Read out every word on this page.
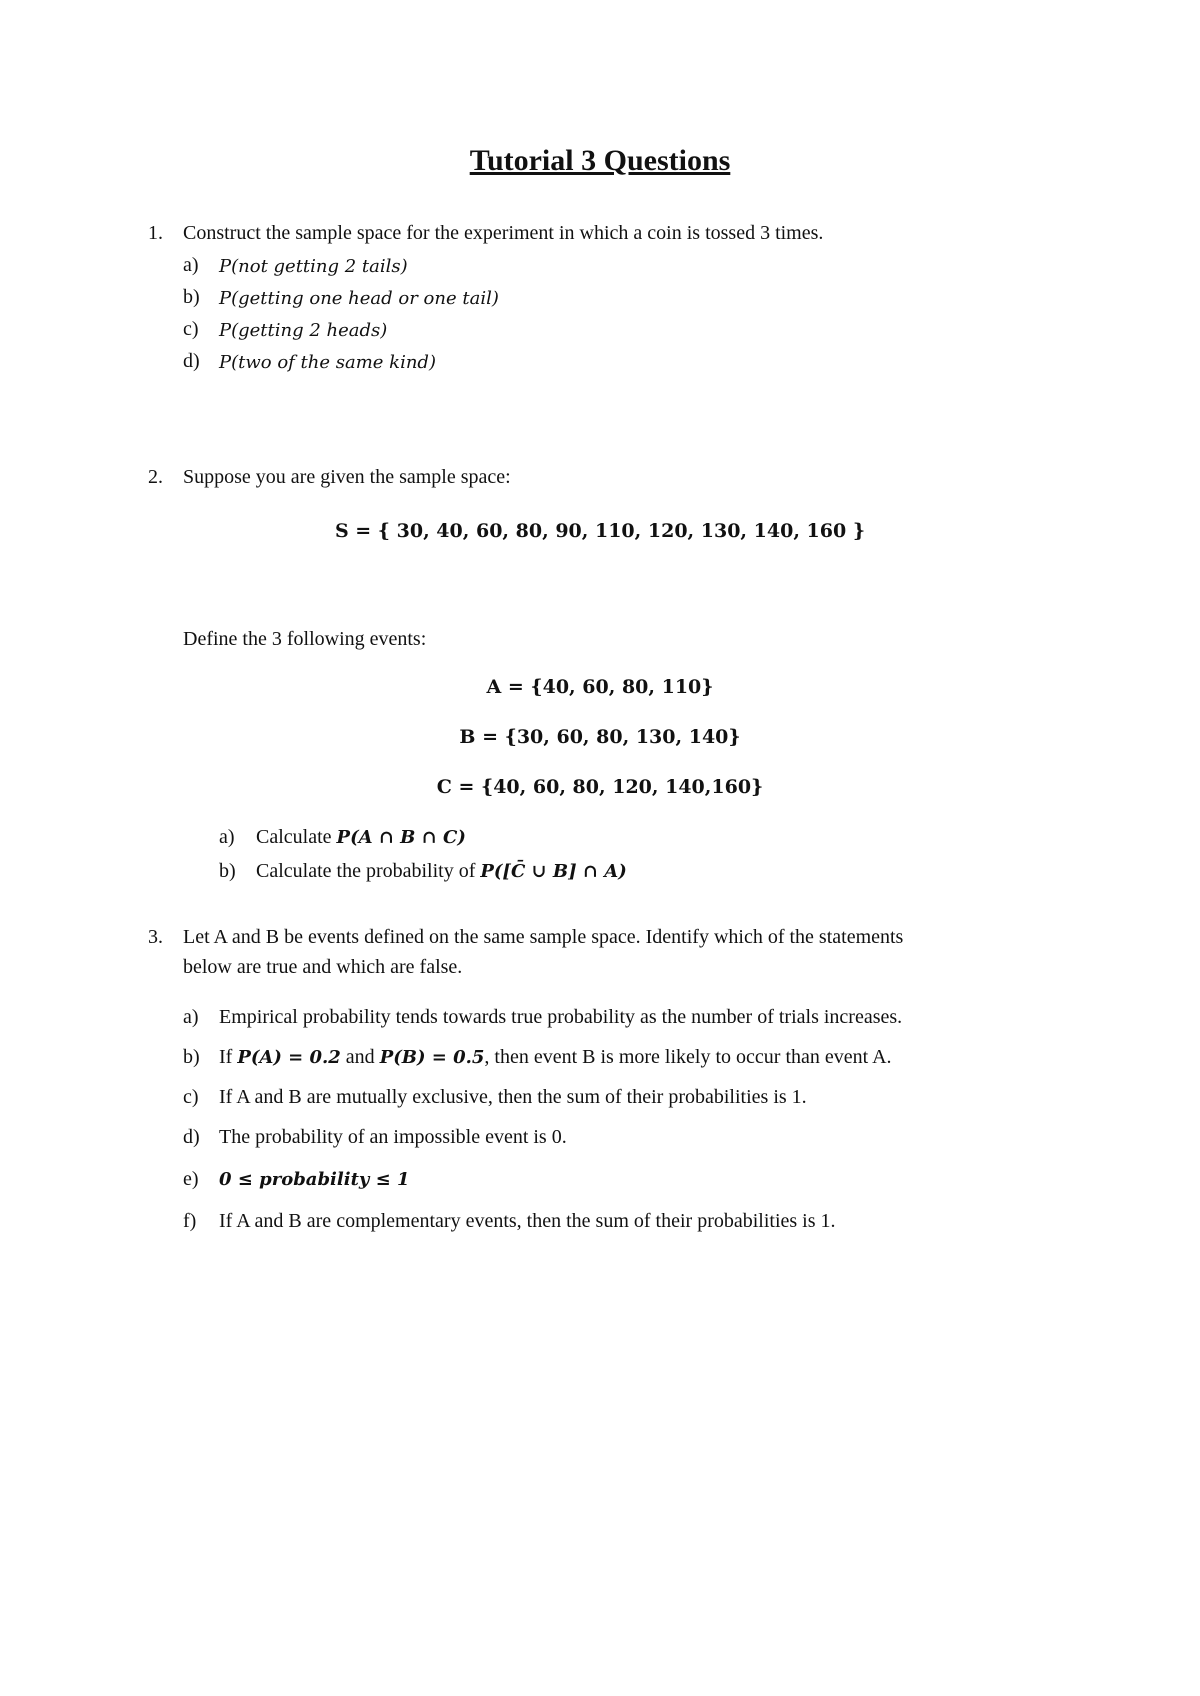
Tutorial 3 Questions
1. Construct the sample space for the experiment in which a coin is tossed 3 times.
a) P(not getting 2 tails)
b) P(getting one head or one tail)
c) P(getting 2 heads)
d) P(two of the same kind)
2. Suppose you are given the sample space:
S = { 30, 40, 60, 80, 90, 110, 120, 130, 140, 160 }
Define the 3 following events:
A = {40, 60, 80, 110}
B = {30, 60, 80, 130, 140}
C = {40, 60, 80, 120, 140,160}
a) Calculate P(A ∩ B ∩ C)
b) Calculate the probability of P([C̄ ∪ B] ∩ A)
3. Let A and B be events defined on the same sample space. Identify which of the statements
below are true and which are false.
a) Empirical probability tends towards true probability as the number of trials increases.
b) If P(A) = 0.2 and P(B) = 0.5, then event B is more likely to occur than event A.
c) If A and B are mutually exclusive, then the sum of their probabilities is 1.
d) The probability of an impossible event is 0.
e) 0 ≤ probability ≤ 1
f) If A and B are complementary events, then the sum of their probabilities is 1.
